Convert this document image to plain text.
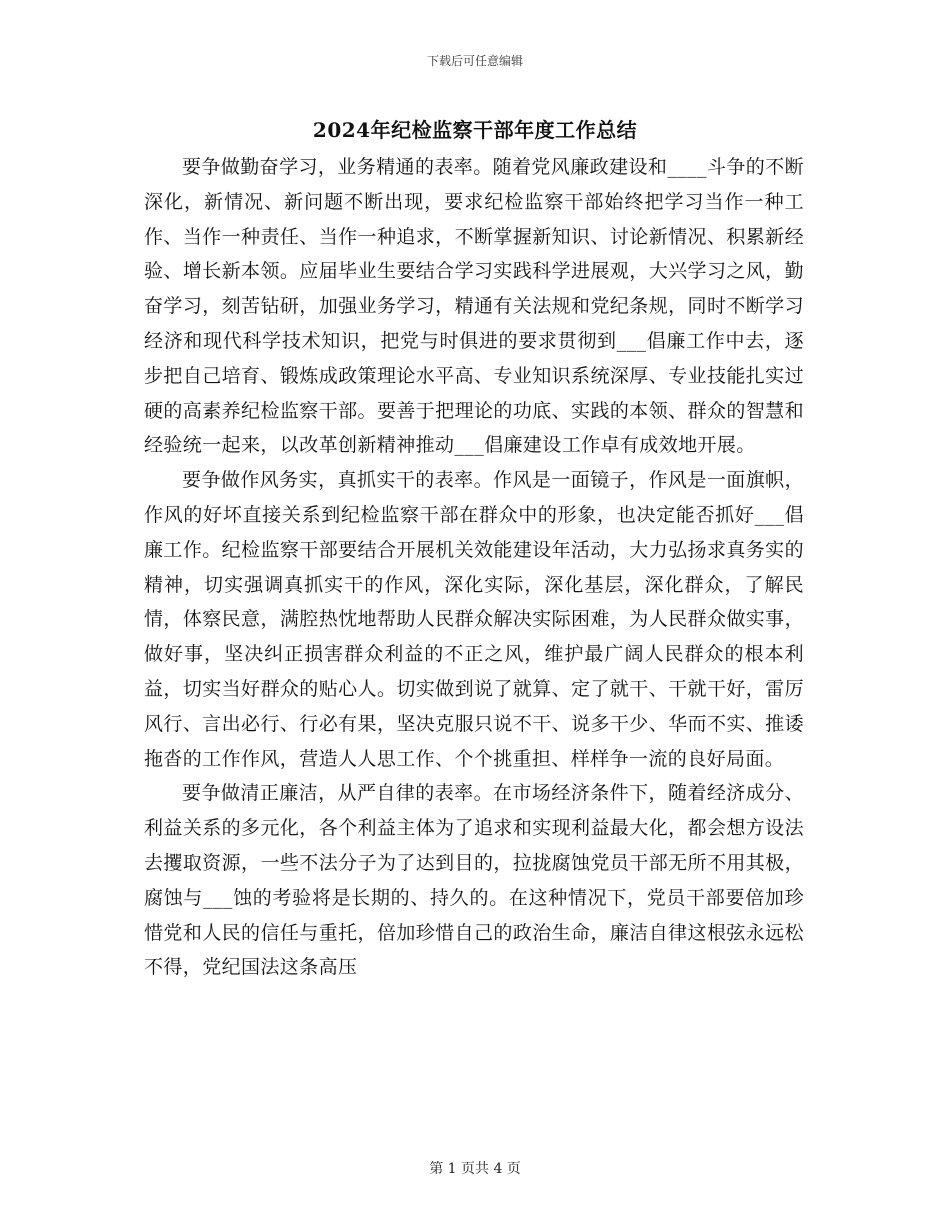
下载后可任意编辑
2024年纪检监察干部年度工作总结

要争做勤奋学习，业务精通的表率。随着党风廉政建设和____斗争的不断深化，新情况、新问题不断出现，要求纪检监察干部始终把学习当作一种工作、当作一种责任、当作一种追求，不断掌握新知识、讨论新情况、积累新经验、增长新本领。应届毕业生要结合学习实践科学进展观，大兴学习之风，勤奋学习，刻苦钻研，加强业务学习，精通有关法规和党纪条规，同时不断学习经济和现代科学技术知识，把党与时俱进的要求贯彻到___倡廉工作中去，逐步把自己培育、锻炼成政策理论水平高、专业知识系统深厚、专业技能扎实过硬的高素养纪检监察干部。要善于把理论的功底、实践的本领、群众的智慧和经验统一起来，以改革创新精神推动___倡廉建设工作卓有成效地开展。

要争做作风务实，真抓实干的表率。作风是一面镜子，作风是一面旗帜，作风的好坏直接关系到纪检监察干部在群众中的形象，也决定能否抓好___倡廉工作。纪检监察干部要结合开展机关效能建设年活动，大力弘扬求真务实的精神，切实强调真抓实干的作风，深化实际，深化基层，深化群众，了解民情，体察民意，满腔热忱地帮助人民群众解决实际困难，为人民群众做实事，做好事，坚决纠正损害群众利益的不正之风，维护最广阔人民群众的根本利益，切实当好群众的贴心人。切实做到说了就算、定了就干、干就干好，雷厉风行、言出必行、行必有果，坚决克服只说不干、说多干少、华而不实、推诿拖沓的工作作风，营造人人思工作、个个挑重担、样样争一流的良好局面。

要争做清正廉洁，从严自律的表率。在市场经济条件下，随着经济成分、利益关系的多元化，各个利益主体为了追求和实现利益最大化，都会想方设法去攫取资源，一些不法分子为了达到目的，拉拢腐蚀党员干部无所不用其极，腐蚀与___蚀的考验将是长期的、持久的。在这种情况下，党员干部要倍加珍惜党和人民的信任与重托，倍加珍惜自己的政治生命，廉洁自律这根弦永远松不得，党纪国法这条高压

第 1 页共 4 页
